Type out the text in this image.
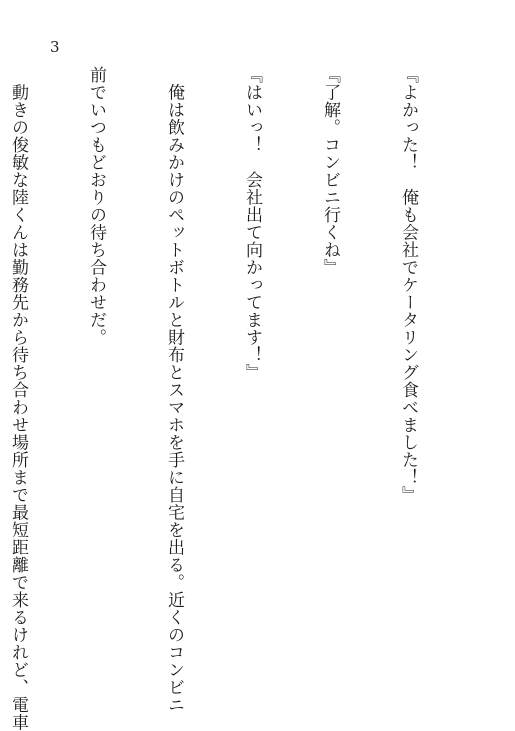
3

『よかった！　俺も会社でケータリング食べました！』

『了解。コンビニ行くね』

『はいっ！　会社出て向かってます！』

　俺は飲みかけのペットボトルと財布とスマホを手に自宅を出る。近くのコンビニ

前でいつもどおりの待ち合わせだ。

　動きの俊敏な陸くんは勤務先から待ち合わせ場所まで最短距離で来るけれど、電車
